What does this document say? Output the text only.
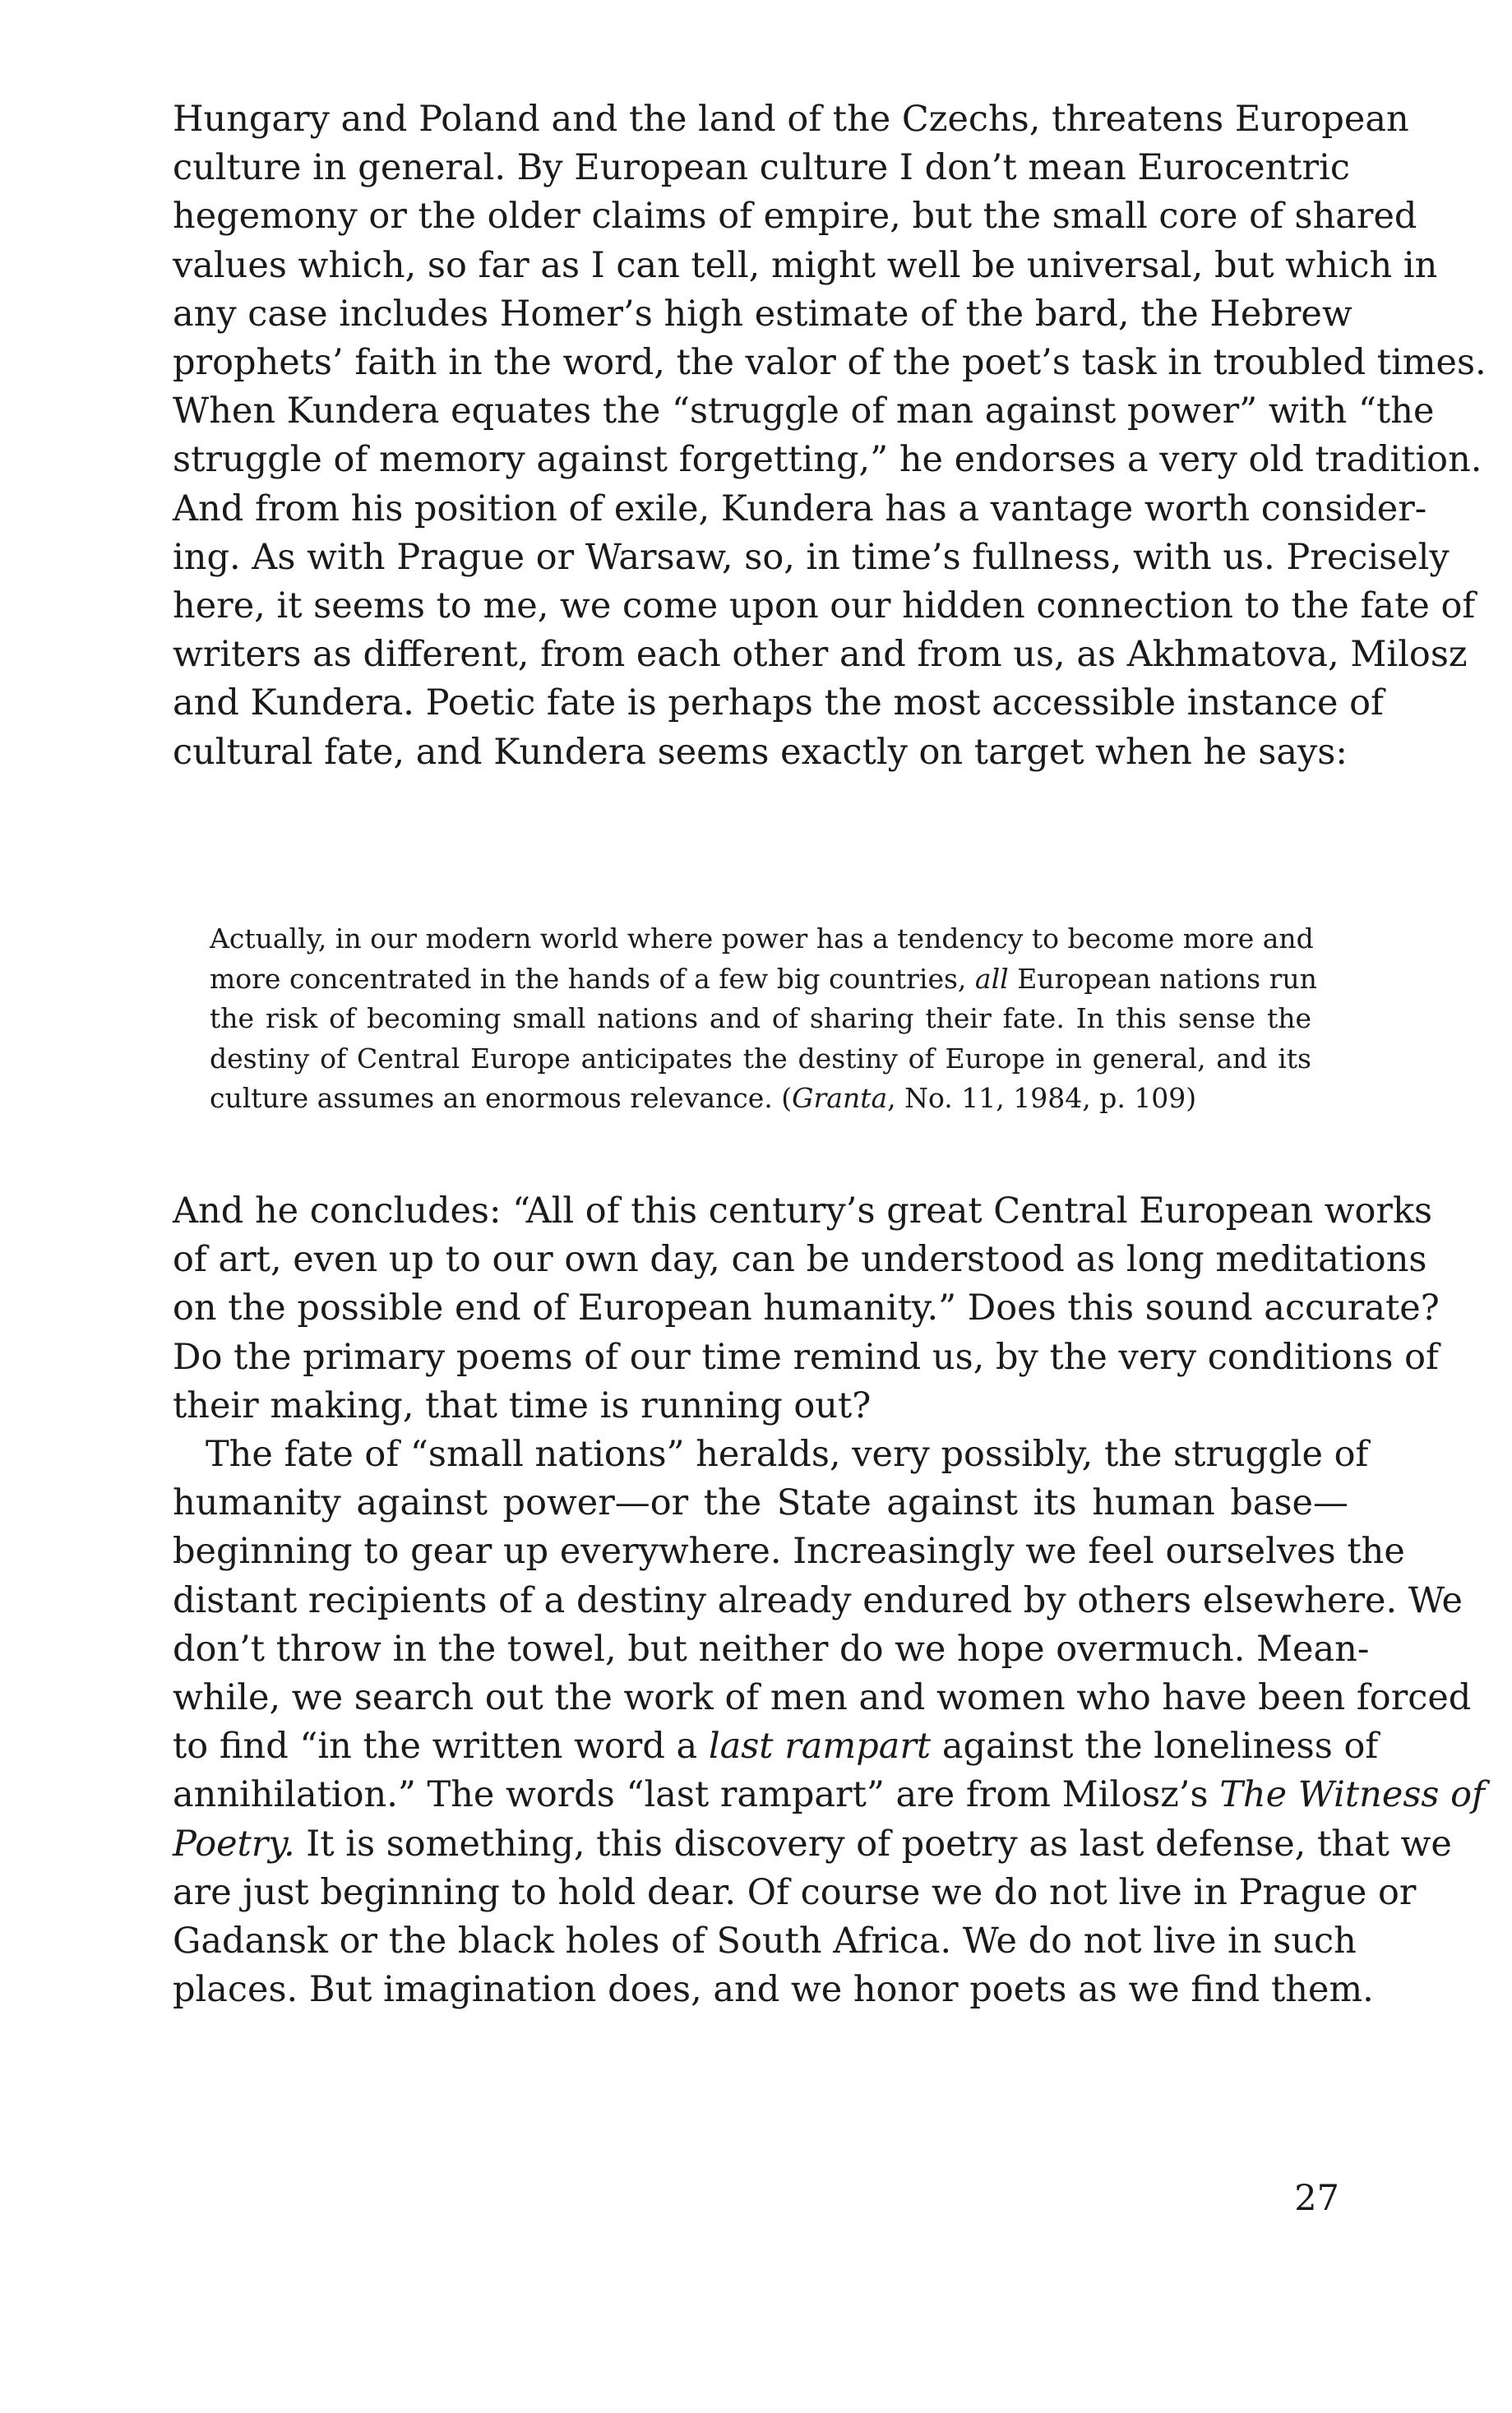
Hungary and Poland and the land of the Czechs, threatens European
culture in general. By European culture I don’t mean Eurocentric
hegemony or the older claims of empire, but the small core of shared
values which, so far as I can tell, might well be universal, but which in
any case includes Homer’s high estimate of the bard, the Hebrew
prophets’ faith in the word, the valor of the poet’s task in troubled times.
When Kundera equates the “struggle of man against power” with “the
struggle of memory against forgetting,” he endorses a very old tradition.
And from his position of exile, Kundera has a vantage worth consider-
ing. As with Prague or Warsaw, so, in time’s fullness, with us. Precisely
here, it seems to me, we come upon our hidden connection to the fate of
writers as different, from each other and from us, as Akhmatova, Milosz
and Kundera. Poetic fate is perhaps the most accessible instance of
cultural fate, and Kundera seems exactly on target when he says:
Actually, in our modern world where power has a tendency to become more and
more concentrated in the hands of a few big countries, all European nations run
the risk of becoming small nations and of sharing their fate. In this sense the
destiny of Central Europe anticipates the destiny of Europe in general, and its
culture assumes an enormous relevance. (Granta, No. 11, 1984, p. 109)
And he concludes: “All of this century’s great Central European works
of art, even up to our own day, can be understood as long meditations
on the possible end of European humanity.” Does this sound accurate?
Do the primary poems of our time remind us, by the very conditions of
their making, that time is running out?
The fate of “small nations” heralds, very possibly, the struggle of
humanity against power—or the State against its human base—
beginning to gear up everywhere. Increasingly we feel ourselves the
distant recipients of a destiny already endured by others elsewhere. We
don’t throw in the towel, but neither do we hope overmuch. Mean-
while, we search out the work of men and women who have been forced
to find “in the written word a last rampart against the loneliness of
annihilation.” The words “last rampart” are from Milosz’s The Witness of
Poetry. It is something, this discovery of poetry as last defense, that we
are just beginning to hold dear. Of course we do not live in Prague or
Gadansk or the black holes of South Africa. We do not live in such
places. But imagination does, and we honor poets as we find them.
27
